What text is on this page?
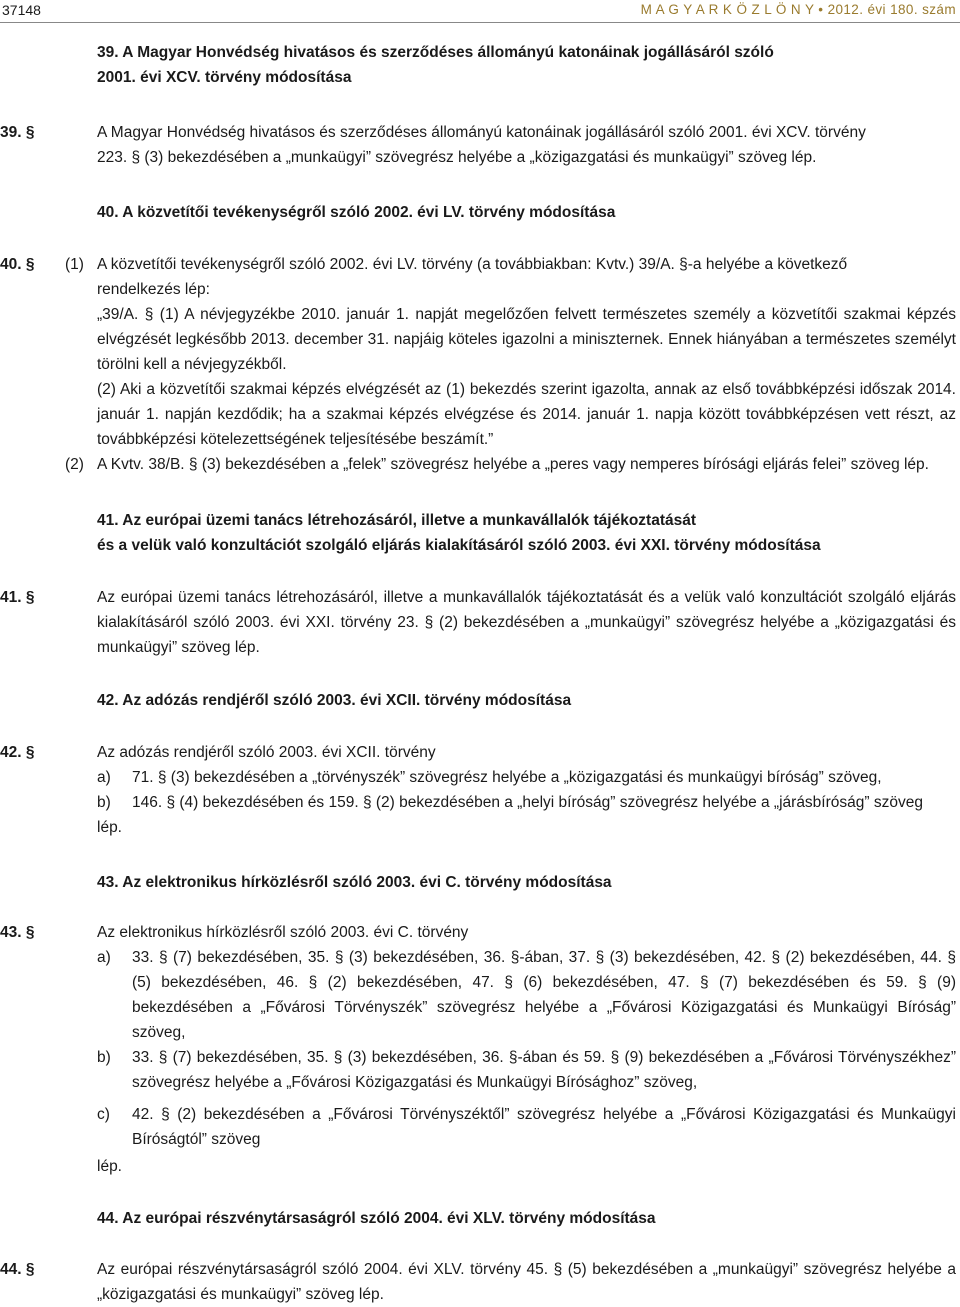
37148	M A G Y A R K Ö Z L Ö N Y • 2012. évi 180. szám
39. A Magyar Honvédség hivatásos és szerződéses állományú katonáinak jogállásáról szóló
2001. évi XCV. törvény módosítása
39. §	A Magyar Honvédség hivatásos és szerződéses állományú katonáinak jogállásáról szóló 2001. évi XCV. törvény
223. § (3) bekezdésében a „munkaügyi” szövegrész helyébe a „közigazgatási és munkaügyi” szöveg lép.
40. A közvetítői tevékenységről szóló 2002. évi LV. törvény módosítása
40. § (1) A közvetítői tevékenységről szóló 2002. évi LV. törvény (a továbbiakban: Kvtv.) 39/A. §-a helyébe a következő
rendelkezés lép:
„39/A. § (1) A névjegyzékbe 2010. január 1. napját megelőzően felvett természetes személy a közvetítői szakmai képzés elvégzését legkésőbb 2013. december 31. napjáig köteles igazolni a miniszternek. Ennek hiányában a természetes személyt törölni kell a névjegyzékből.
(2) Aki a közvetítői szakmai képzés elvégzését az (1) bekezdés szerint igazolta, annak az első továbbképzési időszak 2014. január 1. napján kezdődik; ha a szakmai képzés elvégzése és 2014. január 1. napja között továbbképzésen vett részt, az továbbképzési kötelezettségének teljesítésébe beszámít.”
(2) A Kvtv. 38/B. § (3) bekezdésében a „felek” szövegrész helyébe a „peres vagy nemperes bírósági eljárás felei” szöveg lép.
41. Az európai üzemi tanács létrehozásáról, illetve a munkavállalók tájékoztatását
és a velük való konzultációt szolgáló eljárás kialakításáról szóló 2003. évi XXI. törvény módosítása
41. §	Az európai üzemi tanács létrehozásáról, illetve a munkavállalók tájékoztatását és a velük való konzultációt szolgáló eljárás kialakításáról szóló 2003. évi XXI. törvény 23. § (2) bekezdésében a „munkaügyi” szövegrész helyébe a „közigazgatási és munkaügyi” szöveg lép.
42. Az adózás rendjéről szóló 2003. évi XCII. törvény módosítása
42. §	Az adózás rendjéről szóló 2003. évi XCII. törvény
a) 71. § (3) bekezdésében a „törvényszék” szövegrész helyébe a „közigazgatási és munkaügyi bíróság” szöveg,
b) 146. § (4) bekezdésében és 159. § (2) bekezdésében a „helyi bíróság” szövegrész helyébe a „járásbíróság” szöveg
lép.
43. Az elektronikus hírközlésről szóló 2003. évi C. törvény módosítása
43. §	Az elektronikus hírközlésről szóló 2003. évi C. törvény
a) 33. § (7) bekezdésében, 35. § (3) bekezdésében, 36. §-ában, 37. § (3) bekezdésében, 42. § (2) bekezdésében, 44. § (5) bekezdésében, 46. § (2) bekezdésében, 47. § (6) bekezdésében, 47. § (7) bekezdésében és 59. § (9) bekezdésében a „Fővárosi Törvényszék” szövegrész helyébe a „Fővárosi Közigazgatási és Munkaügyi Bíróság” szöveg,
b) 33. § (7) bekezdésében, 35. § (3) bekezdésében, 36. §-ában és 59. § (9) bekezdésében a „Fővárosi Törvényszékhez” szövegrész helyébe a „Fővárosi Közigazgatási és Munkaügyi Bírósághoz” szöveg,
c) 42. § (2) bekezdésében a „Fővárosi Törvényszéktől” szövegrész helyébe a „Fővárosi Közigazgatási és Munkaügyi Bíróságtól” szöveg
lép.
44. Az európai részvénytársaságról szóló 2004. évi XLV. törvény módosítása
44. §	Az európai részvénytársaságról szóló 2004. évi XLV. törvény 45. § (5) bekezdésében a „munkaügyi” szövegrész helyébe a „közigazgatási és munkaügyi” szöveg lép.
